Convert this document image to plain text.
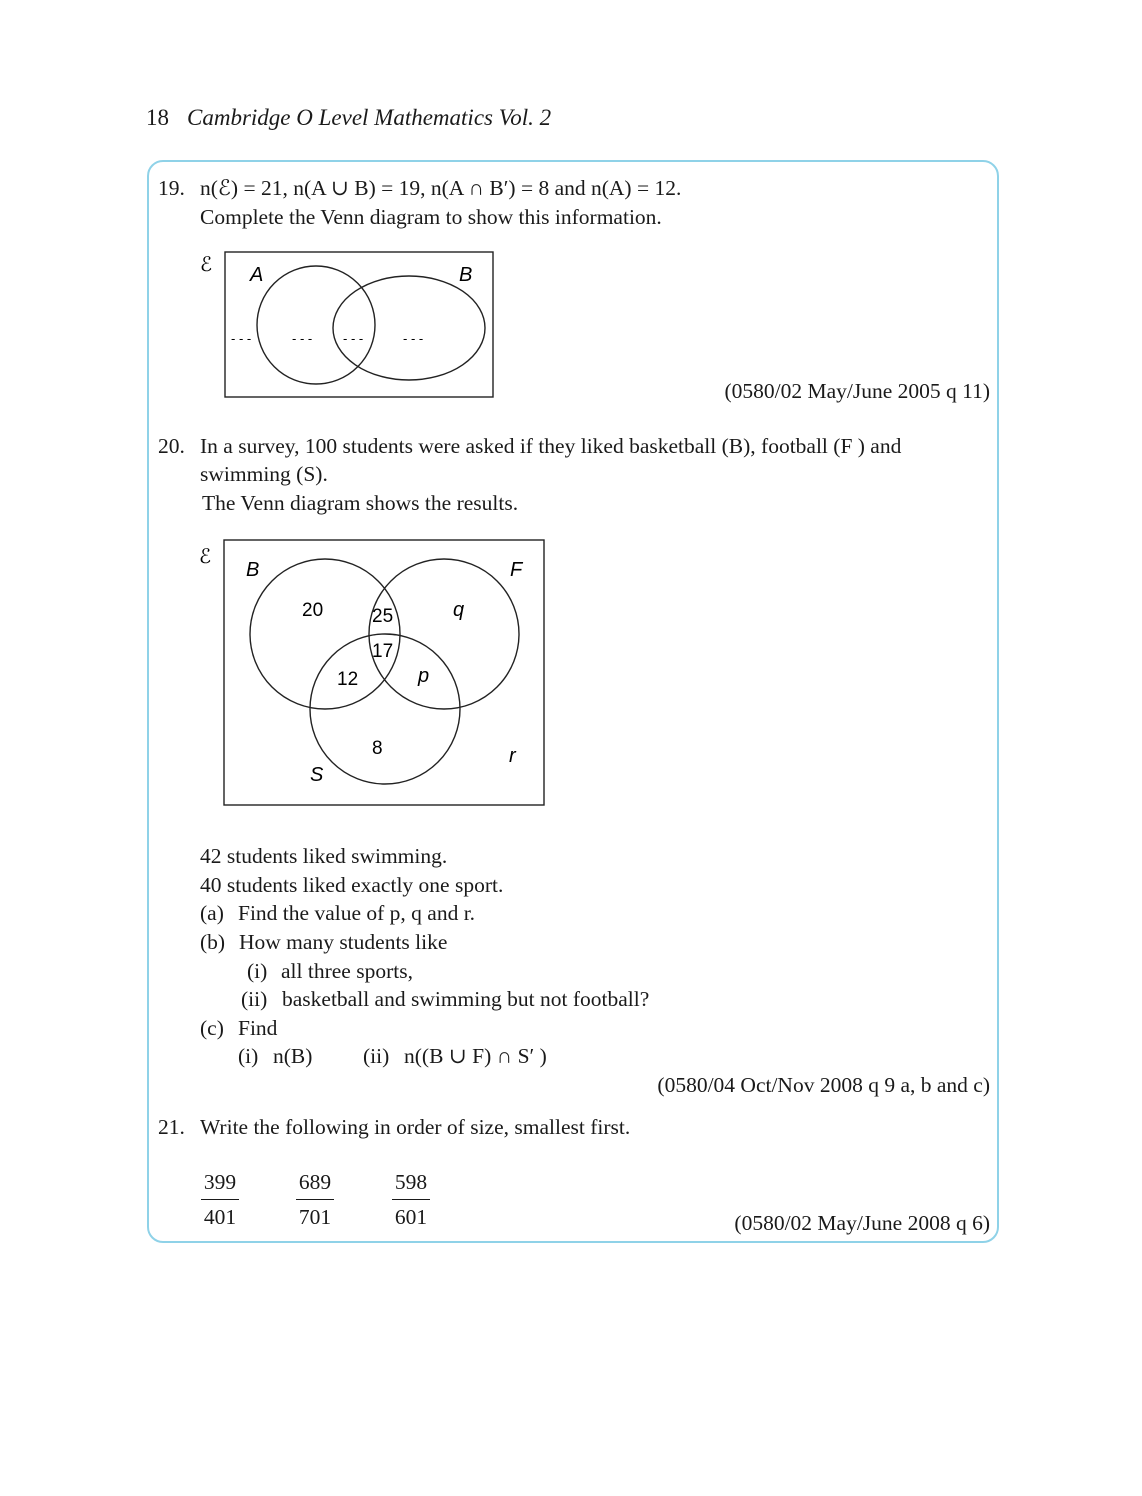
18 Cambridge O Level Mathematics Vol. 2
19. n(ℰ) = 21, n(A ∪ B) = 19, n(A ∩ B′) = 8 and n(A) = 12.
Complete the Venn diagram to show this information.
ℰ A	B
- - -	- - - - - -	- - -
(0580/02 May/June 2005 q 11)
20. In a survey, 100 students were asked if they liked basketball (B), football (F ) and
swimming (S).
The Venn diagram shows the results.
ℰ
B	F
S
20	25	q
17
12	p
8	r
42 students liked swimming.
40 students liked exactly one sport.
(a) Find the value of p, q and r.
(b) How many students like
(i) all three sports,
(ii) basketball and swimming but not football?
(c) Find
(i) n(B) (ii) n((B ∪ F) ∩ S′ )
(0580/04 Oct/Nov 2008 q 9 a, b and c)
21. Write the following in order of size, smallest first.
$\frac{399}{401}$	$\frac{689}{701}$	$\frac{598}{601}$	(0580/02 May/June 2008 q 6)
